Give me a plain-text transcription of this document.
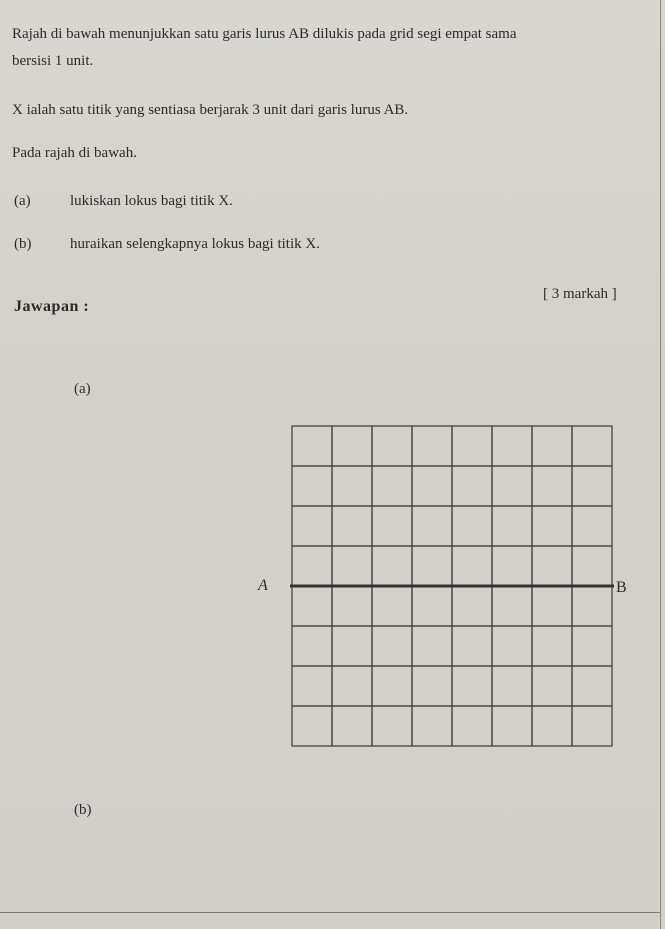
Rajah di bawah menunjukkan satu garis lurus AB dilukis pada grid segi empat sama
bersisi 1 unit.
X ialah satu titik yang sentiasa berjarak 3 unit dari garis lurus AB.
Pada rajah di bawah.
(a)	lukiskan lokus bagi titik X.
(b)	huraikan selengkapnya lokus bagi titik X.
[ 3 markah ]
Jawapan :
(a)
A	B
(b)
